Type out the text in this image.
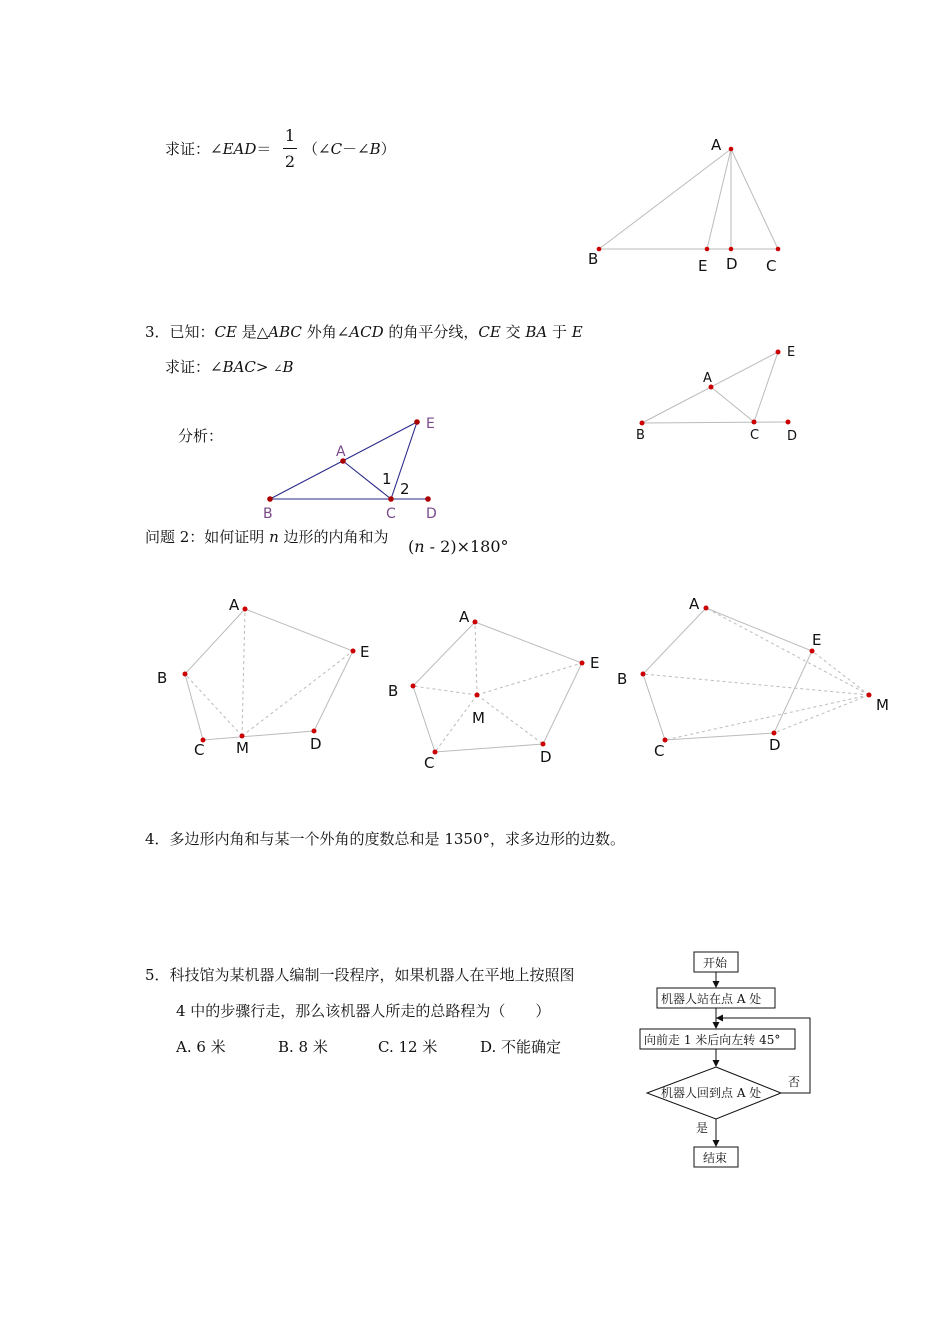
求证：∠EAD＝
1
2
（∠C－∠B）	A
B	E D C
3．已知：CE 是△ABC 外角∠ACD 的角平分线，CE 交 BA 于 E
求证：∠BAC> ∠B
分析：
A
B	C D
E
A
B	C D
E
1
2
问题 2：如何证明 n 边形的内角和为 (n - 2)×180°
A
B
C	D
E
M
A
B
C	D
E
M
A
B
C	D
E
M
4．多边形内角和与某一个外角的度数总和是 1350°，求多边形的边数。
5．科技馆为某机器人编制一段程序，如果机器人在平地上按照图
4 中的步骤行走，那么该机器人所走的总路程为（　　）
A. 6 米	B. 8 米	C. 12 米	D. 不能确定
开始
机器人站在点 A 处
向前走 1 米后向左转 45°
机器人回到点 A 处
否
是
结束
